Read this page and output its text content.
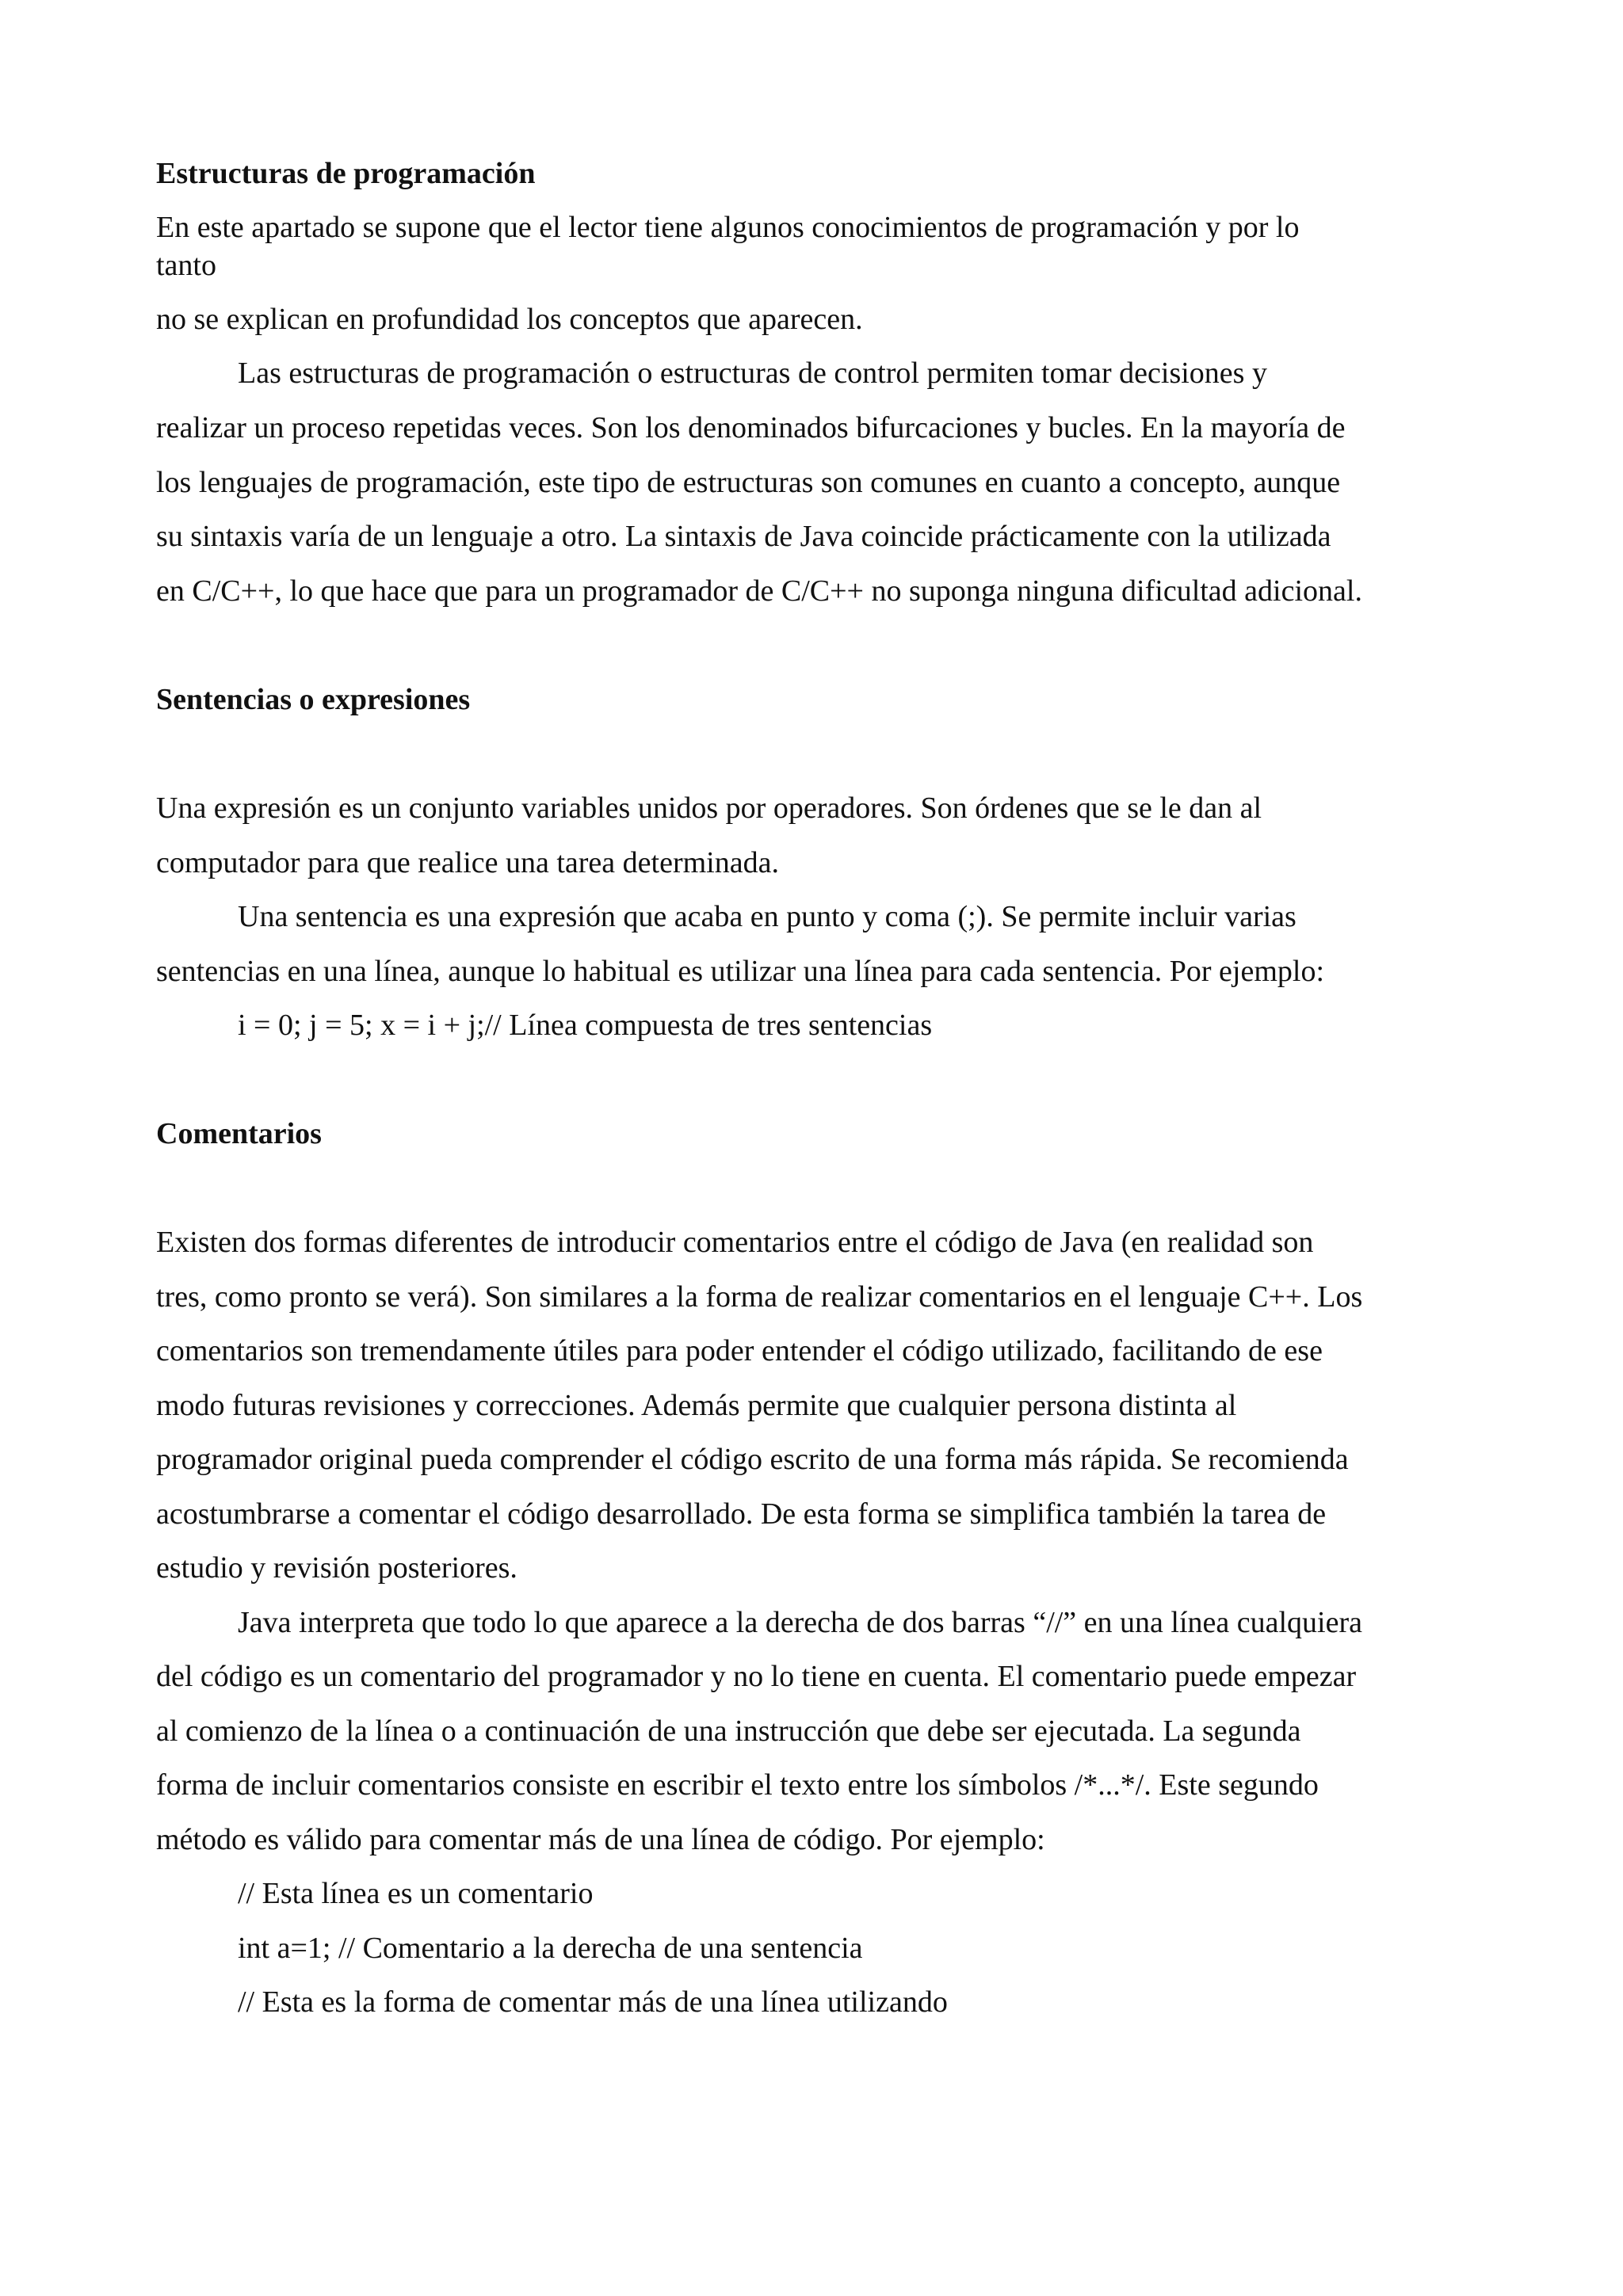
Estructuras de programación
En este apartado se supone que el lector tiene algunos conocimientos de programación y por lo
tanto
no se explican en profundidad los conceptos que aparecen.
Las estructuras de programación o estructuras de control permiten tomar decisiones y
realizar un proceso repetidas veces. Son los denominados bifurcaciones y bucles. En la mayoría de
los lenguajes de programación, este tipo de estructuras son comunes en cuanto a concepto, aunque
su sintaxis varía de un lenguaje a otro. La sintaxis de Java coincide prácticamente con la utilizada
en C/C++, lo que hace que para un programador de C/C++ no suponga ninguna dificultad adicional.
Sentencias o expresiones
Una expresión es un conjunto variables unidos por operadores. Son órdenes que se le dan al
computador para que realice una tarea determinada.
Una sentencia es una expresión que acaba en punto y coma (;). Se permite incluir varias
sentencias en una línea, aunque lo habitual es utilizar una línea para cada sentencia. Por ejemplo:
i = 0; j = 5; x = i + j;// Línea compuesta de tres sentencias
Comentarios
Existen dos formas diferentes de introducir comentarios entre el código de Java (en realidad son
tres, como pronto se verá). Son similares a la forma de realizar comentarios en el lenguaje C++. Los
comentarios son tremendamente útiles para poder entender el código utilizado, facilitando de ese
modo futuras revisiones y correcciones. Además permite que cualquier persona distinta al
programador original pueda comprender el código escrito de una forma más rápida. Se recomienda
acostumbrarse a comentar el código desarrollado. De esta forma se simplifica también la tarea de
estudio y revisión posteriores.
Java interpreta que todo lo que aparece a la derecha de dos barras “//” en una línea cualquiera
del código es un comentario del programador y no lo tiene en cuenta. El comentario puede empezar
al comienzo de la línea o a continuación de una instrucción que debe ser ejecutada. La segunda
forma de incluir comentarios consiste en escribir el texto entre los símbolos /*...*/. Este segundo
método es válido para comentar más de una línea de código. Por ejemplo:
// Esta línea es un comentario
int a=1; // Comentario a la derecha de una sentencia
// Esta es la forma de comentar más de una línea utilizando
